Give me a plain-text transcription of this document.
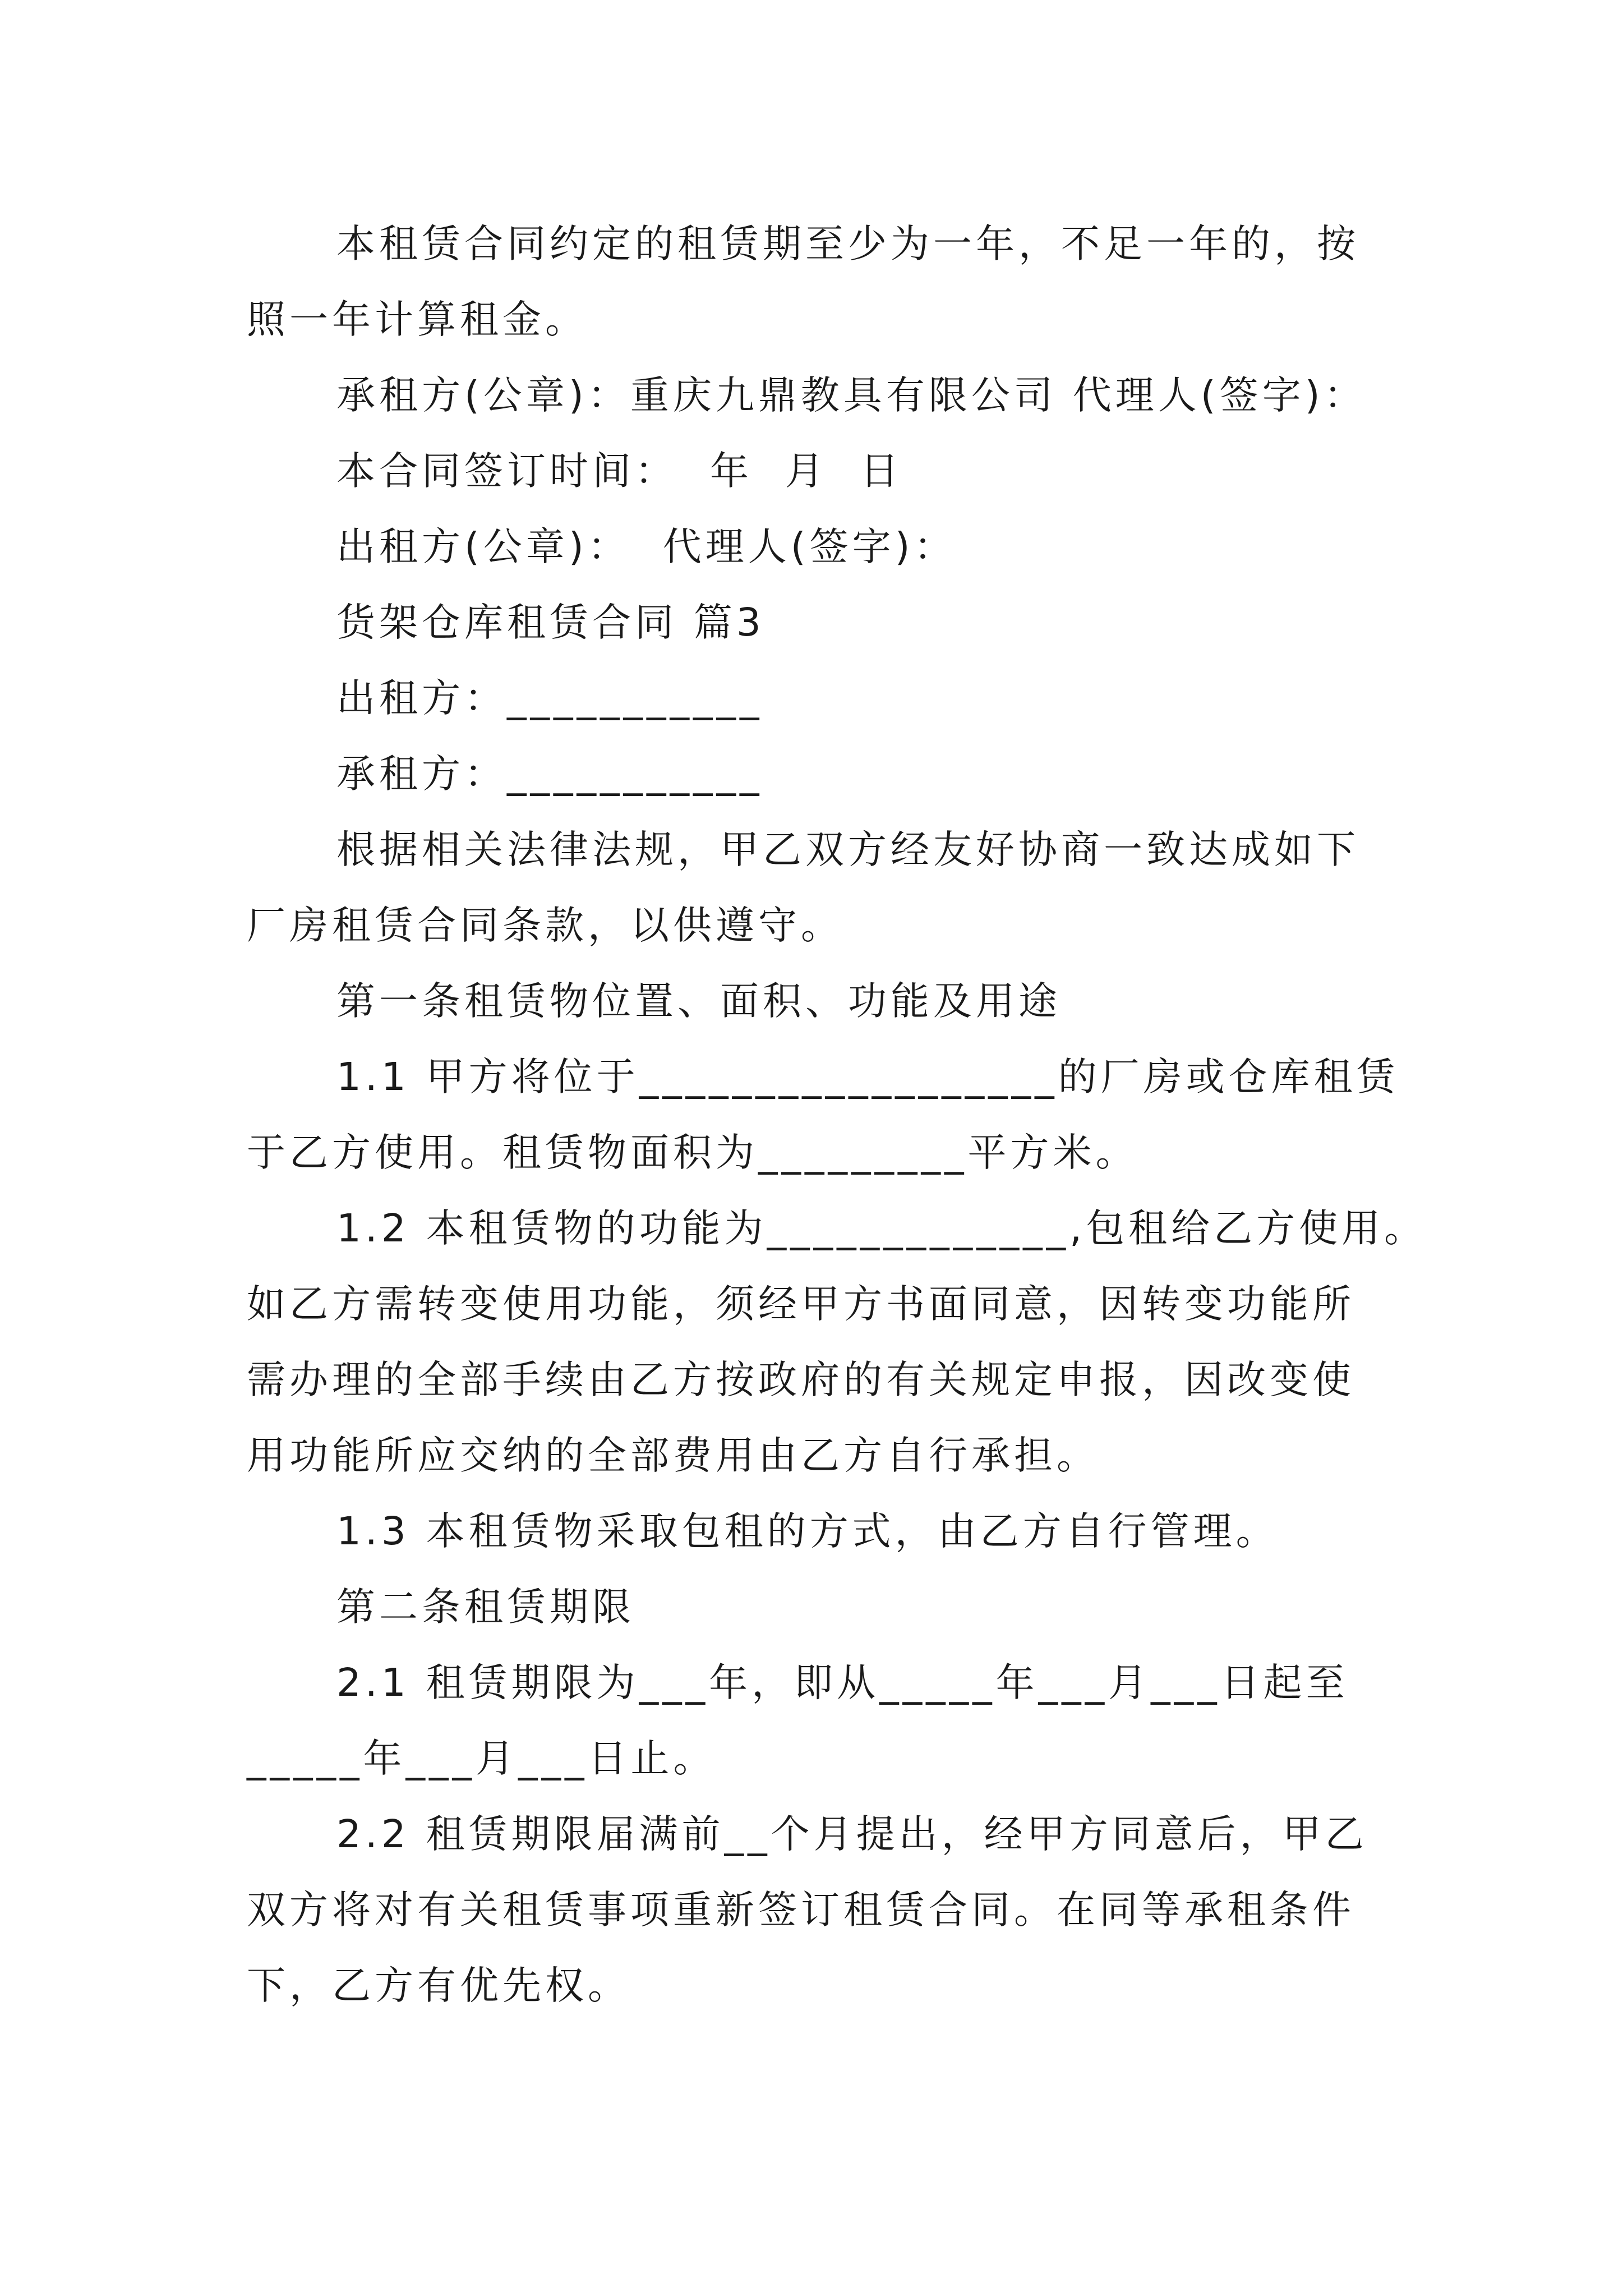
本租赁合同约定的租赁期至少为一年，不足一年的，按
照一年计算租金。
承租方(公章)：重庆九鼎教具有限公司 代理人(签字)：
本合同签订时间：  年  月  日
出租方(公章)：  代理人(签字)：
货架仓库租赁合同 篇3
出租方：___________
承租方：___________
根据相关法律法规，甲乙双方经友好协商一致达成如下
厂房租赁合同条款，以供遵守。
第一条租赁物位置、面积、功能及用途
1.1 甲方将位于__________________的厂房或仓库租赁
于乙方使用。租赁物面积为_________平方米。
1.2 本租赁物的功能为_____________,包租给乙方使用。
如乙方需转变使用功能，须经甲方书面同意，因转变功能所
需办理的全部手续由乙方按政府的有关规定申报，因改变使
用功能所应交纳的全部费用由乙方自行承担。
1.3 本租赁物采取包租的方式，由乙方自行管理。
第二条租赁期限
2.1 租赁期限为___年，即从_____年___月___日起至
_____年___月___日止。
2.2 租赁期限届满前__个月提出，经甲方同意后，甲乙
双方将对有关租赁事项重新签订租赁合同。在同等承租条件
下，乙方有优先权。
